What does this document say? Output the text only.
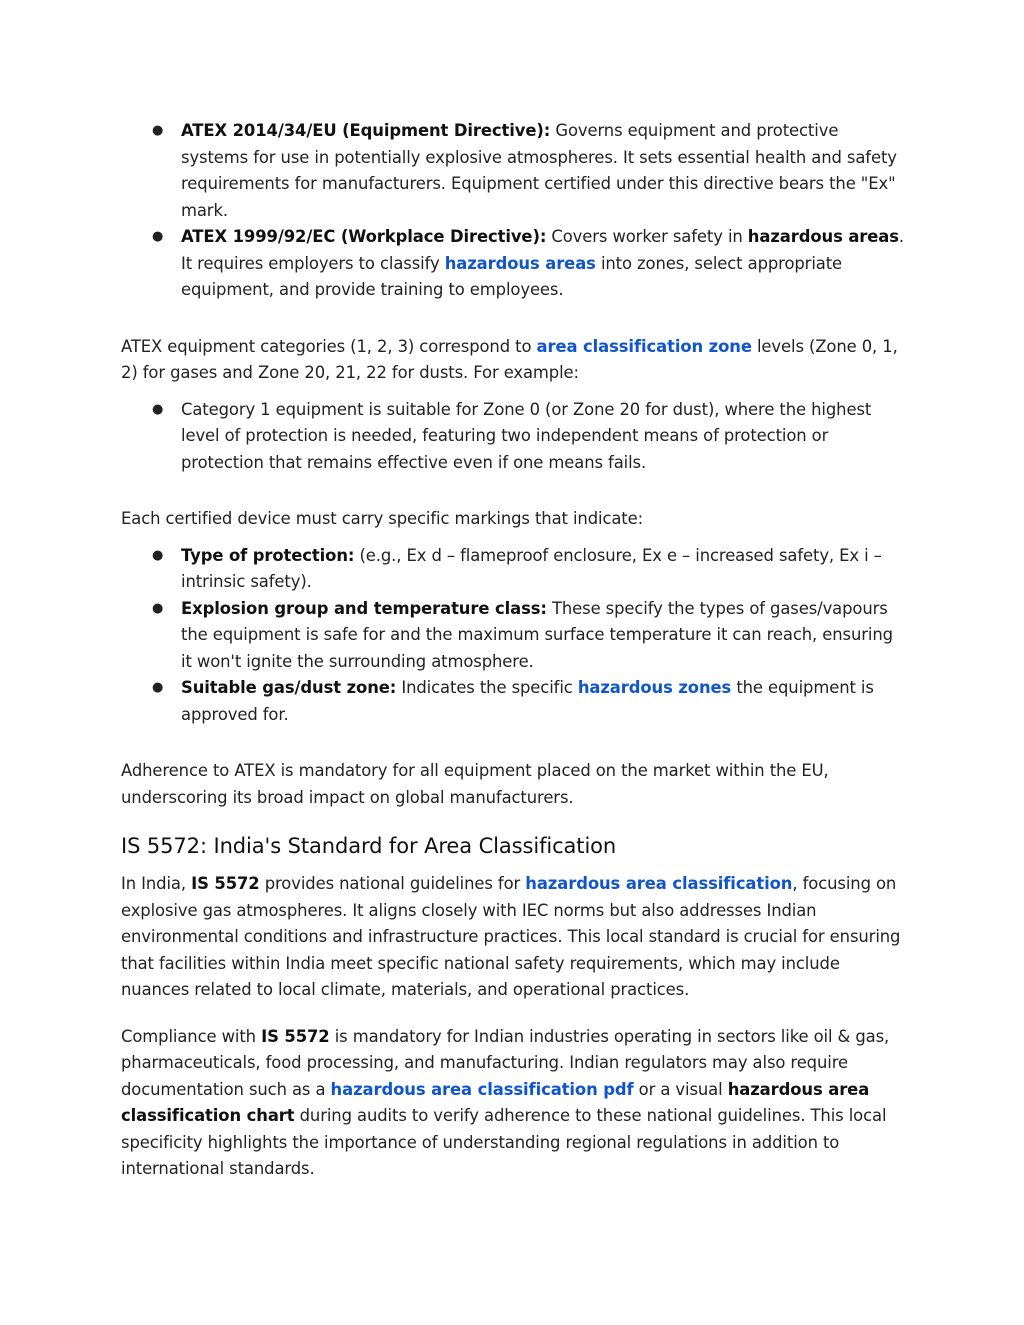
● ATEX 2014/34/EU (Equipment Directive): Governs equipment and protective systems for use in potentially explosive atmospheres. It sets essential health and safety requirements for manufacturers. Equipment certified under this directive bears the "Ex" mark.
● ATEX 1999/92/EC (Workplace Directive): Covers worker safety in hazardous areas. It requires employers to classify hazardous areas into zones, select appropriate equipment, and provide training to employees.

ATEX equipment categories (1, 2, 3) correspond to area classification zone levels (Zone 0, 1, 2) for gases and Zone 20, 21, 22 for dusts. For example:

● Category 1 equipment is suitable for Zone 0 (or Zone 20 for dust), where the highest level of protection is needed, featuring two independent means of protection or protection that remains effective even if one means fails.

Each certified device must carry specific markings that indicate:

● Type of protection: (e.g., Ex d – flameproof enclosure, Ex e – increased safety, Ex i – intrinsic safety).
● Explosion group and temperature class: These specify the types of gases/vapours the equipment is safe for and the maximum surface temperature it can reach, ensuring it won't ignite the surrounding atmosphere.
● Suitable gas/dust zone: Indicates the specific hazardous zones the equipment is approved for.

Adherence to ATEX is mandatory for all equipment placed on the market within the EU, underscoring its broad impact on global manufacturers.

IS 5572: India's Standard for Area Classification

In India, IS 5572 provides national guidelines for hazardous area classification, focusing on explosive gas atmospheres. It aligns closely with IEC norms but also addresses Indian environmental conditions and infrastructure practices. This local standard is crucial for ensuring that facilities within India meet specific national safety requirements, which may include nuances related to local climate, materials, and operational practices.

Compliance with IS 5572 is mandatory for Indian industries operating in sectors like oil & gas, pharmaceuticals, food processing, and manufacturing. Indian regulators may also require documentation such as a hazardous area classification pdf or a visual hazardous area classification chart during audits to verify adherence to these national guidelines. This local specificity highlights the importance of understanding regional regulations in addition to international standards.
